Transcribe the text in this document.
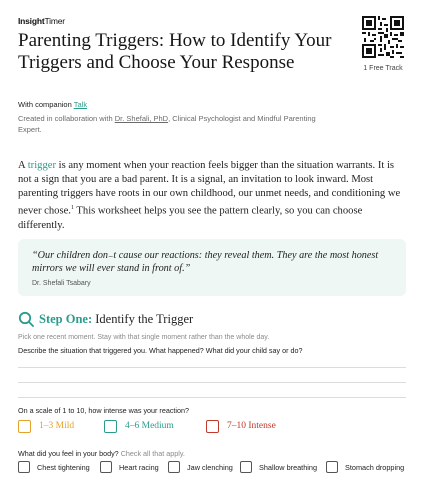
InsightTimer
1 Free Track
Parenting Triggers: How to Identify Your Triggers and Choose Your Response
With companion Talk
Created in collaboration with Dr. Shefali, PhD, Clinical Psychologist and Mindful Parenting Expert.

A trigger is any moment when your reaction feels bigger than the situation warrants. It is not a sign that you are a bad parent. It is a signal, an invitation to look inward. Most parenting triggers have roots in our own childhood, our unmet needs, and conditioning we never chose.$^1$ This worksheet helps you see the pattern clearly, so you can choose differently.

“Our children don₋t cause our reactions: they reveal them. They are the most honest mirrors we will ever stand in front of.”

Dr. Shefali Tsabary
Step One: Identify the Trigger
Pick one recent moment. Stay with that single moment rather than the whole day.
Describe the situation that triggered you. What happened? What did your child say or do?
On a scale of 1 to 10, how intense was your reaction?
1–3 Mild	4–6 Medium	7–10 Intense
What did you feel in your body? Check all that apply.
Chest tightening	Heart racing	Jaw clenching	Shallow breathing	Stomach dropping
